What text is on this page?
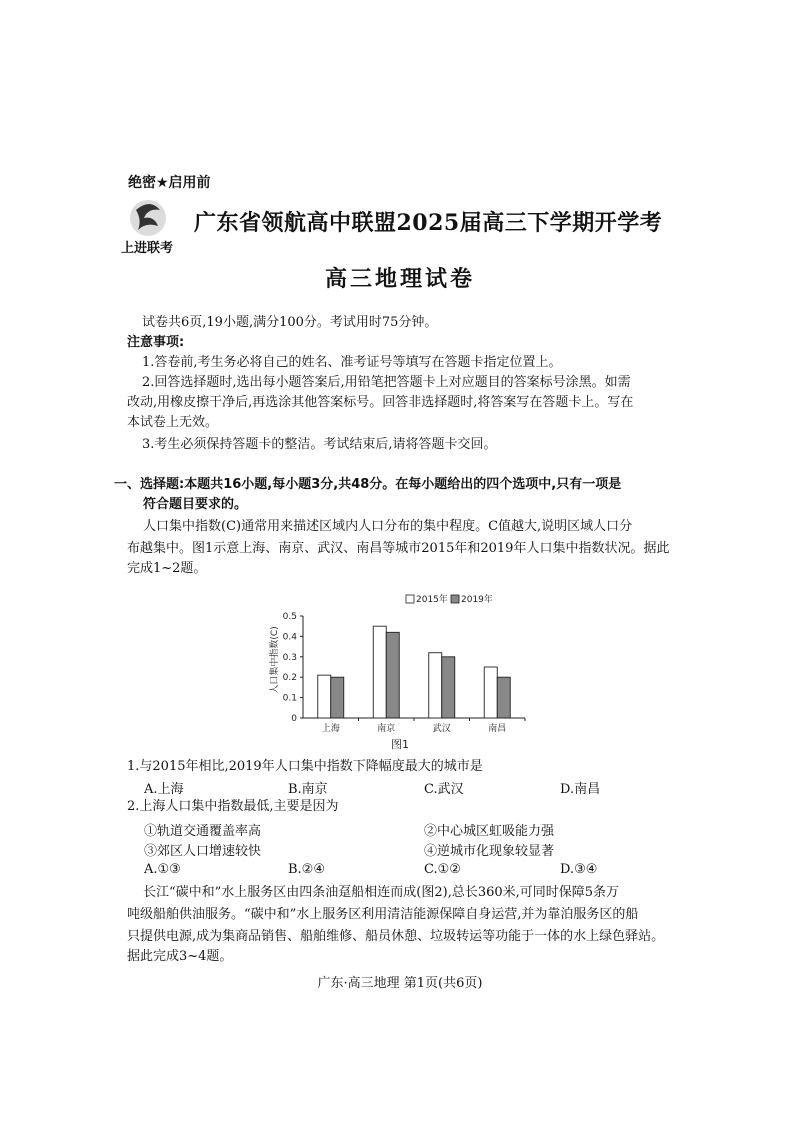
绝密★启用前
上进联考
广东省领航高中联盟2025届高三下学期开学考
高三地理试卷
试卷共6页,19小题,满分100分。考试用时75分钟。
注意事项:
1.答卷前,考生务必将自己的姓名、准考证号等填写在答题卡指定位置上。
2.回答选择题时,选出每小题答案后,用铅笔把答题卡上对应题目的答案标号涂黑。如需
改动,用橡皮擦干净后,再选涂其他答案标号。回答非选择题时,将答案写在答题卡上。写在
本试卷上无效。
3.考生必须保持答题卡的整洁。考试结束后,请将答题卡交回。
一、选择题:本题共16小题,每小题3分,共48分。在每小题给出的四个选项中,只有一项是
符合题目要求的。
人口集中指数(C)通常用来描述区域内人口分布的集中程度。C值越大,说明区域人口分
布越集中。图1示意上海、南京、武汉、南昌等城市2015年和2019年人口集中指数状况。据此
完成1~2题。
0
0.1
0.2
0.3
0.4
0.5
上海	南京	武汉	南昌
人口集中指数(C)
2015年 2019年
图1
1.与2015年相比,2019年人口集中指数下降幅度最大的城市是
A.上海	B.南京	C.武汉	D.南昌
2.上海人口集中指数最低,主要是因为
①轨道交通覆盖率高	②中心城区虹吸能力强
③郊区人口增速较快	④逆城市化现象较显著
A.①③	B.②④	C.①②	D.③④
长江“碳中和”水上服务区由四条油趸船相连而成(图2),总长360米,可同时保障5条万
吨级船舶供油服务。“碳中和”水上服务区利用清洁能源保障自身运营,并为靠泊服务区的船
只提供电源,成为集商品销售、船舶维修、船员休憩、垃圾转运等功能于一体的水上绿色驿站。
据此完成3~4题。
广东·高三地理 第1页(共6页)
